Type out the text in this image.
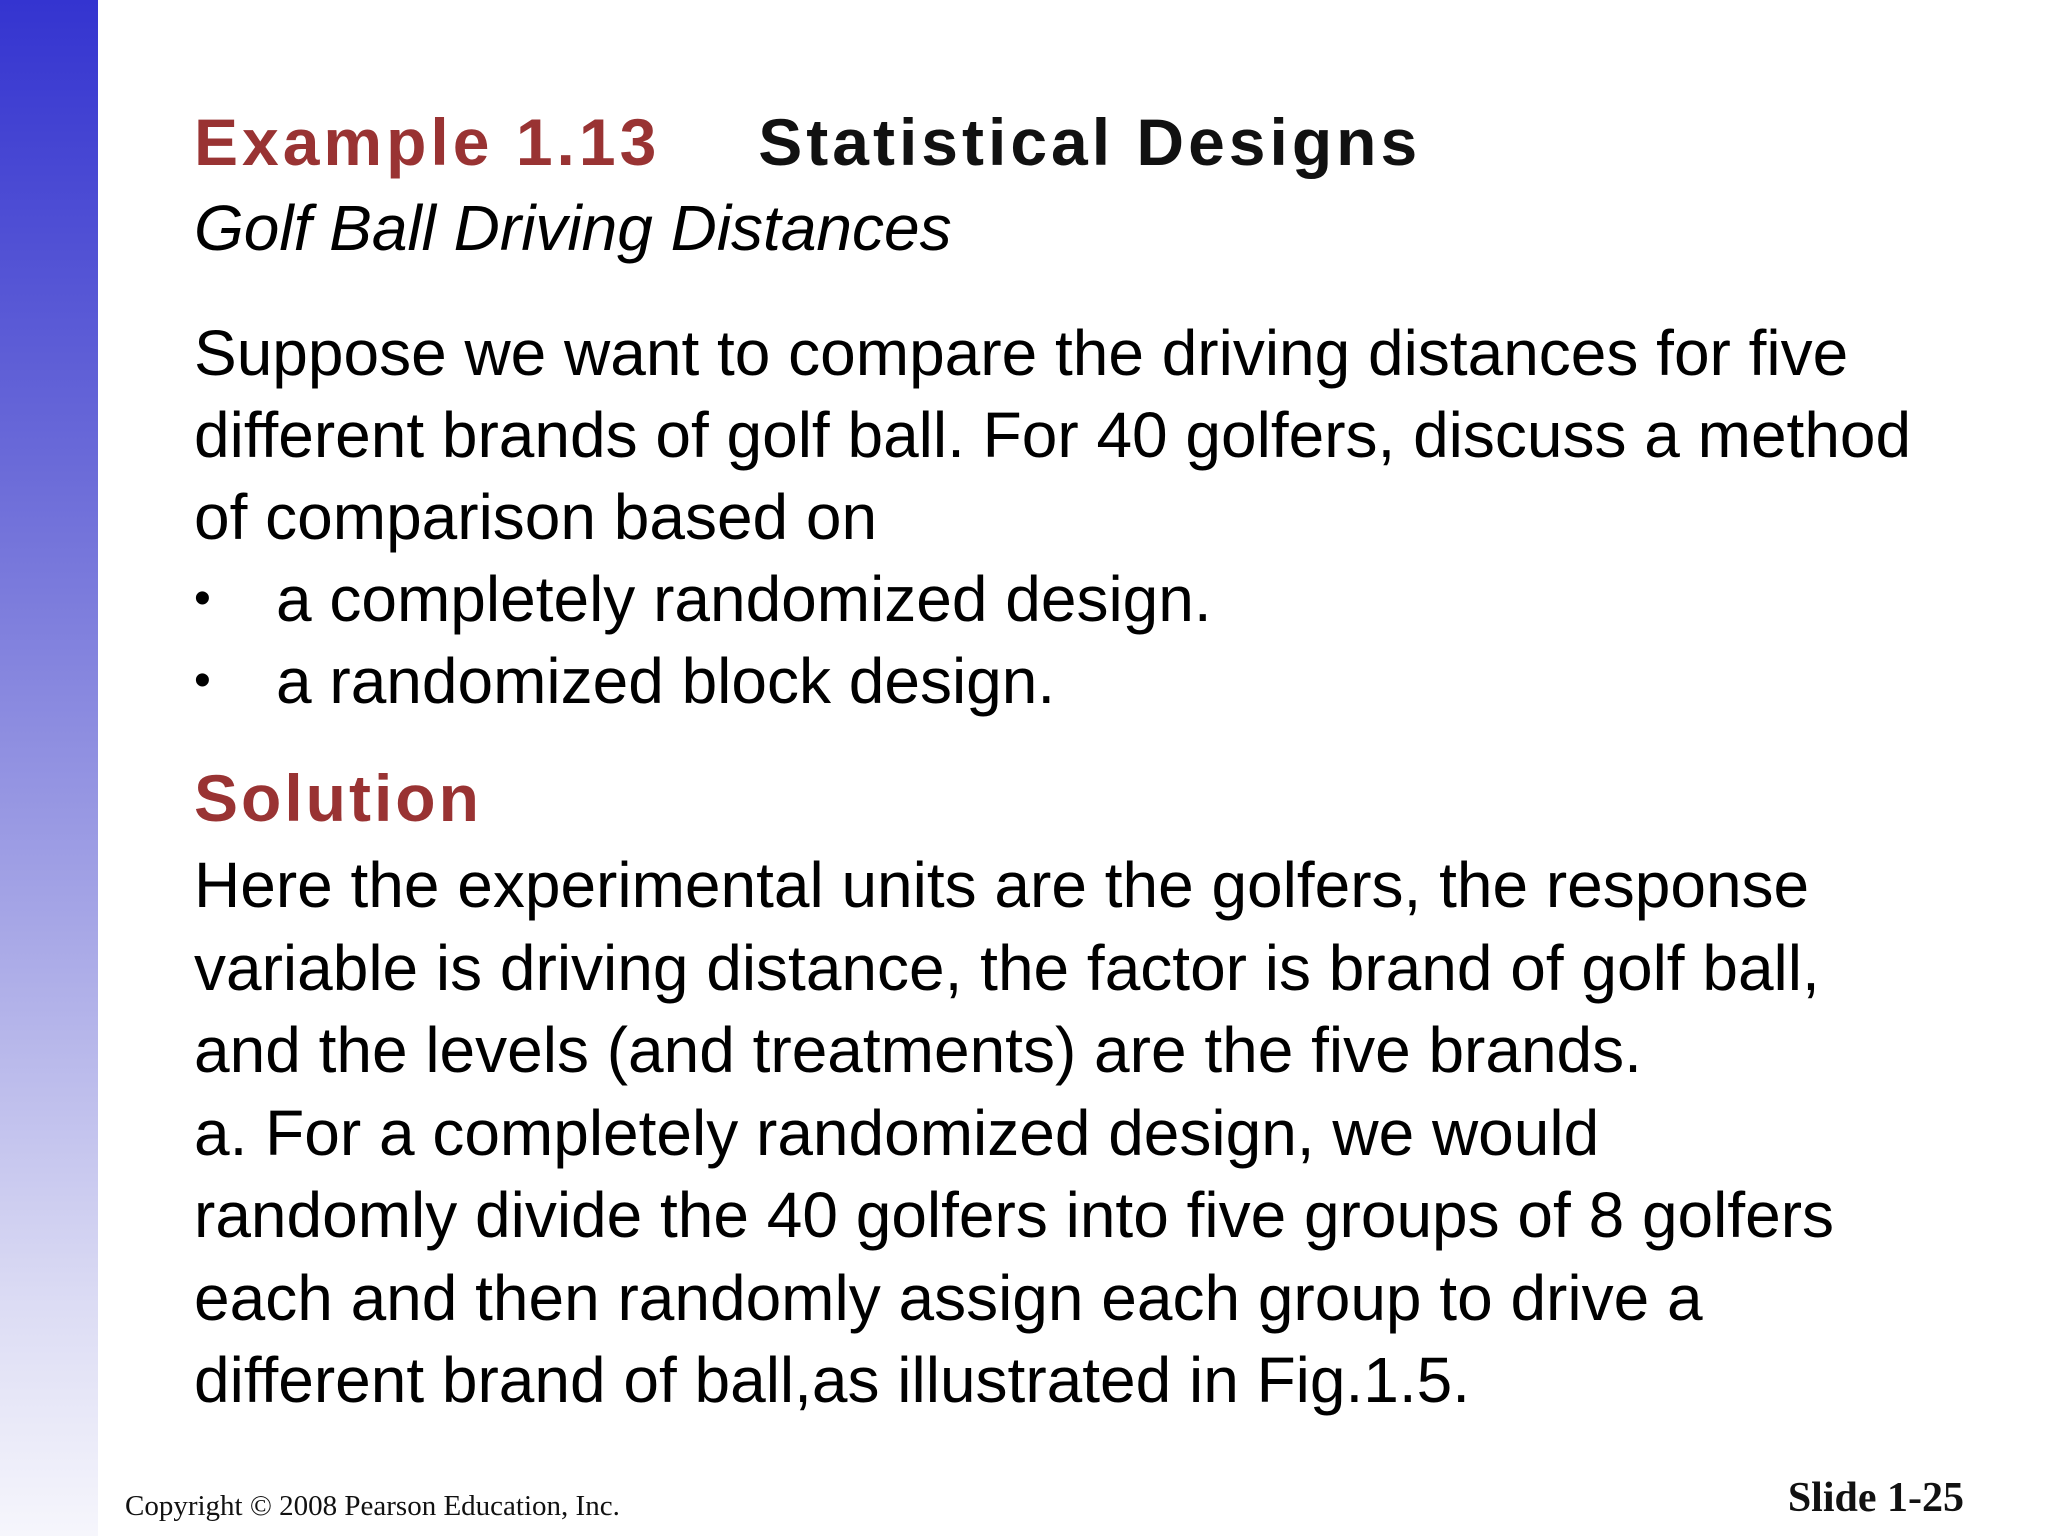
Example 1.13 Statistical Designs
Golf Ball Driving Distances

Suppose we want to compare the driving distances for five different brands of golf ball. For 40 golfers, discuss a method of comparison based on

• a completely randomized design.
• a randomized block design.
Solution

Here the experimental units are the golfers, the response

variable is driving distance, the factor is brand of golf ball,

and the levels (and treatments) are the five brands.

a. For a completely randomized design, we would

randomly divide the 40 golfers into five groups of 8 golfers

each and then randomly assign each group to drive a

different brand of ball,as illustrated in Fig.1.5.

Copyright © 2008 Pearson Education, Inc.	Slide 1-25
